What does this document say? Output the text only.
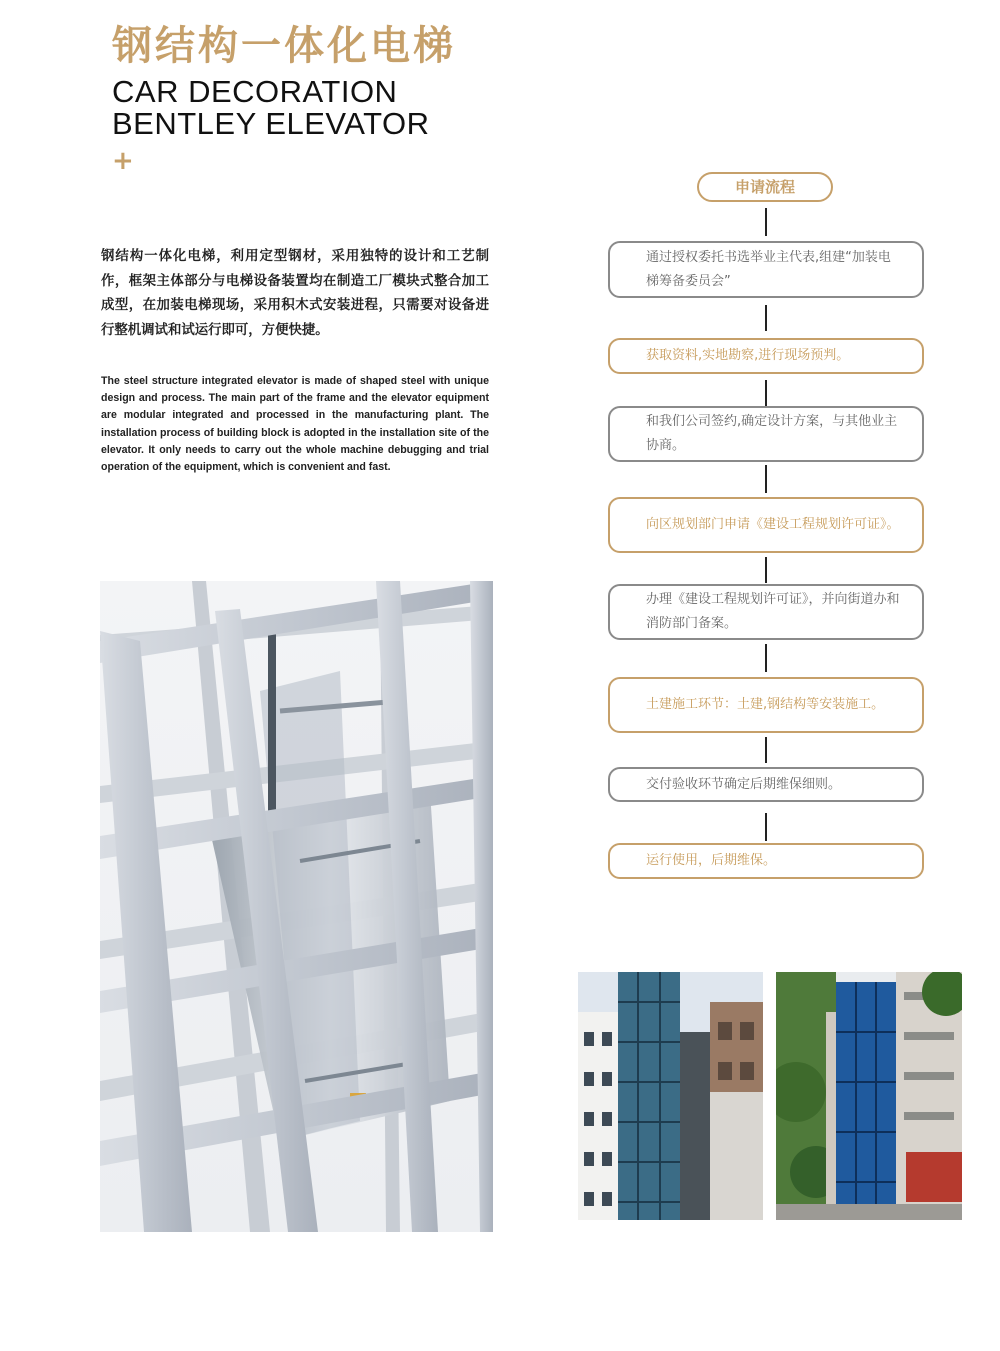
钢结构一体化电梯
CAR DECORATION
BENTLEY ELEVATOR
+
钢结构一体化电梯，利用定型钢材，采用独特的设计和工艺制作，框架主体部分与电梯设备装置均在制造工厂模块式整合加工成型，在加装电梯现场，采用积木式安装进程，只需要对设备进行整机调试和试运行即可，方便快捷。
The steel structure integrated elevator is made of shaped steel with unique design and process. The main part of the frame and the elevator equipment are modular integrated and processed in the manufacturing plant. The installation process of building block is adopted in the installation site of the elevator. It only needs to carry out the whole machine debugging and trial operation of the equipment, which is convenient and fast.
申请流程
通过授权委托书选举业主代表,组建“加装电梯筹备委员会”
获取资料,实地勘察,进行现场预判。
和我们公司签约,确定设计方案，与其他业主协商。
向区规划部门申请《建设工程规划许可证》。
办理《建设工程规划许可证》，并向街道办和消防部门备案。
土建施工环节：土建,钢结构等安装施工。
交付验收环节确定后期维保细则。
运行使用，后期维保。
